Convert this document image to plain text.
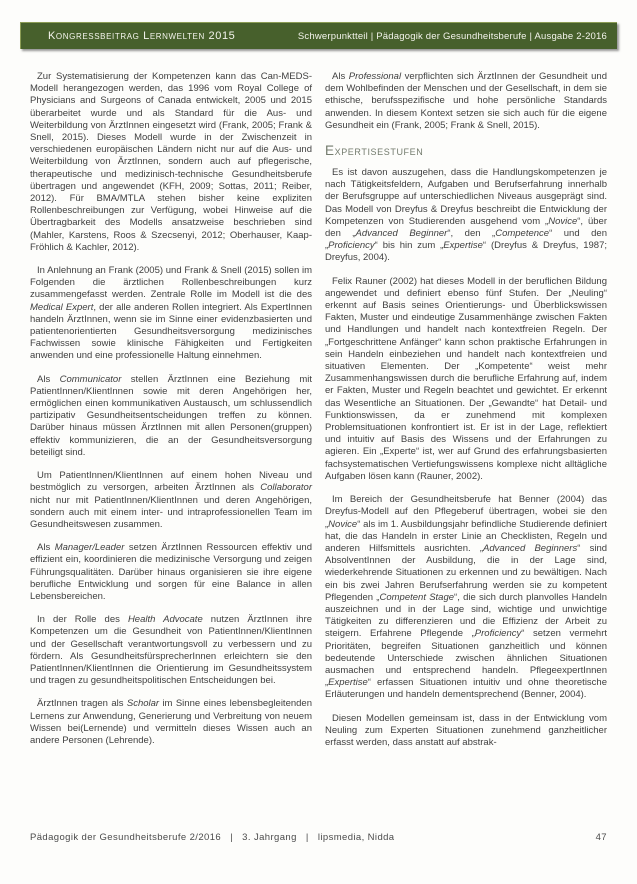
Kongressbeitrag Lernwelten 2015	Schwerpunktteil | Pädagogik der Gesundheitsberufe | Ausgabe 2-2016

Zur Systematisierung der Kompetenzen kann das Can-MEDS-Modell herangezogen werden, das 1996 vom Royal College of Physicians and Surgeons of Canada entwickelt, 2005 und 2015 überarbeitet wurde und als Standard für die Aus- und Weiterbildung von ÄrztInnen eingesetzt wird (Frank, 2005; Frank & Snell, 2015). Dieses Modell wurde in der Zwischenzeit in verschiedenen europäischen Ländern nicht nur auf die Aus- und Weiterbildung von ÄrztInnen, sondern auch auf pflegerische, therapeutische und medizinisch-technische Gesundheitsberufe übertragen und angewendet (KFH, 2009; Sottas, 2011; Reiber, 2012). Für BMA/MTLA stehen bisher keine expliziten Rollenbeschreibungen zur Verfügung, wobei Hinweise auf die Übertragbarkeit des Modells ansatzweise beschrieben sind (Mahler, Karstens, Roos & Szecsenyi, 2012; Oberhauser, Kaap-Fröhlich & Kachler, 2012).

In Anlehnung an Frank (2005) und Frank & Snell (2015) sollen im Folgenden die ärztlichen Rollenbeschreibungen kurz zusammengefasst werden. Zentrale Rolle im Modell ist die des Medical Expert, der alle anderen Rollen integriert. Als ExpertInnen handeln ÄrztInnen, wenn sie im Sinne einer evidenzbasierten und patientenorientierten Gesundheitsversorgung medizinisches Fachwissen sowie klinische Fähigkeiten und Fertigkeiten anwenden und eine professionelle Haltung einnehmen.

Als Communicator stellen ÄrztInnen eine Beziehung mit PatientInnen/KlientInnen sowie mit deren Angehörigen her, ermöglichen einen kommunikativen Austausch, um schlussendlich partizipativ Gesundheitsentscheidungen treffen zu können. Darüber hinaus müssen ÄrztInnen mit allen Personen(gruppen) effektiv kommunizieren, die an der Gesundheitsversorgung beteiligt sind.

Um PatientInnen/KlientInnen auf einem hohen Niveau und bestmöglich zu versorgen, arbeiten ÄrztInnen als Collaborator nicht nur mit PatientInnen/KlientInnen und deren Angehörigen, sondern auch mit einem inter- und intraprofessionellen Team im Gesundheitswesen zusammen.

Als Manager/Leader setzen ÄrztInnen Ressourcen effektiv und effizient ein, koordinieren die medizinische Versorgung und zeigen Führungsqualitäten. Darüber hinaus organisieren sie ihre eigene berufliche Entwicklung und sorgen für eine Balance in allen Lebensbereichen.

In der Rolle des Health Advocate nutzen ÄrztInnen ihre Kompetenzen um die Gesundheit von PatientInnen/KlientInnen und der Gesellschaft verantwortungsvoll zu verbessern und zu fördern. Als GesundheitsfürsprecherInnen erleichtern sie den PatientInnen/KlientInnen die Orientierung im Gesundheitssystem und tragen zu gesundheitspolitischen Entscheidungen bei.

ÄrztInnen tragen als Scholar im Sinne eines lebensbegleitenden Lernens zur Anwendung, Generierung und Verbreitung von neuem Wissen bei(Lernende) und vermitteln dieses Wissen auch an andere Personen (Lehrende).

Als Professional verpflichten sich ÄrztInnen der Gesundheit und dem Wohlbefinden der Menschen und der Gesellschaft, in dem sie ethische, berufsspezifische und hohe persönliche Standards anwenden. In diesem Kontext setzen sie sich auch für die eigene Gesundheit ein (Frank, 2005; Frank & Snell, 2015).

Expertisestufen

Es ist davon auszugehen, dass die Handlungskompetenzen je nach Tätigkeitsfeldern, Aufgaben und Berufserfahrung innerhalb der Berufsgruppe auf unterschiedlichen Niveaus ausgeprägt sind. Das Modell von Dreyfus & Dreyfus beschreibt die Entwicklung der Kompetenzen von Studierenden ausgehend vom „Novice“, über den „Advanced Beginner“, den „Competence“ und den „Proficiency“ bis hin zum „Expertise“ (Dreyfus & Dreyfus, 1987; Dreyfus, 2004).

Felix Rauner (2002) hat dieses Modell in der beruflichen Bildung angewendet und definiert ebenso fünf Stufen. Der „Neuling“ erkennt auf Basis seines Orientierungs- und Überblickswissen Fakten, Muster und eindeutige Zusammenhänge zwischen Fakten und Handlungen und handelt nach kontextfreien Regeln. Der „Fortgeschrittene Anfänger“ kann schon praktische Erfahrungen in sein Handeln einbeziehen und handelt nach kontextfreien und situativen Elementen. Der „Kompetente“ weist mehr Zusammenhangswissen durch die berufliche Erfahrung auf, indem er Fakten, Muster und Regeln beachtet und gewichtet. Er erkennt das Wesentliche an Situationen. Der „Gewandte“ hat Detail- und Funktionswissen, da er zunehmend mit komplexen Problemsituationen konfrontiert ist. Er ist in der Lage, reflektiert und intuitiv auf Basis des Wissens und der Erfahrungen zu agieren. Ein „Experte“ ist, wer auf Grund des erfahrungsbasierten fachsystematischen Vertiefungswissens komplexe nicht alltägliche Aufgaben lösen kann (Rauner, 2002).

Im Bereich der Gesundheitsberufe hat Benner (2004) das Dreyfus-Modell auf den Pflegeberuf übertragen, wobei sie den „Novice“ als im 1. Ausbildungsjahr befindliche Studierende definiert hat, die das Handeln in erster Linie an Checklisten, Regeln und anderen Hilfsmittels ausrichten. „Advanced Beginners“ sind AbsolventInnen der Ausbildung, die in der Lage sind, wiederkehrende Situationen zu erkennen und zu bewältigen. Nach ein bis zwei Jahren Berufserfahrung werden sie zu kompetent Pflegenden „Competent Stage“, die sich durch planvolles Handeln auszeichnen und in der Lage sind, wichtige und unwichtige Tätigkeiten zu differenzieren und die Effizienz der Arbeit zu steigern. Erfahrene Pflegende „Proficiency“ setzen vermehrt Prioritäten, begreifen Situationen ganzheitlich und können bedeutende Unterschiede zwischen ähnlichen Situationen ausmachen und entsprechend handeln. PflegeexpertInnen „Expertise“ erfassen Situationen intuitiv und ohne theoretische Erläuterungen und handeln dementsprechend (Benner, 2004).

Diesen Modellen gemeinsam ist, dass in der Entwicklung vom Neuling zum Experten Situationen zunehmend ganzheitlicher erfasst werden, dass anstatt auf abstrak-

Pädagogik der Gesundheitsberufe 2/2016   |   3. Jahrgang   |   lipsmedia, Nidda	47
